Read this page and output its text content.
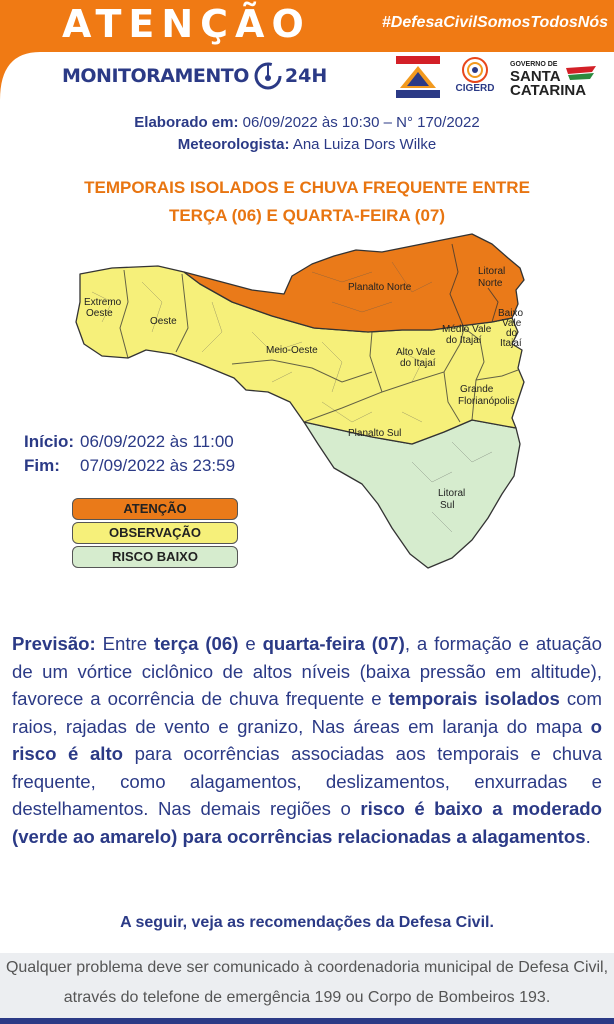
ATENÇÃO	#DefesaCivilSomosTodosNós
MONITORAMENTO 24H
CIGERD
GOVERNO DE
SANTA
CATARINA
Elaborado em: 06/09/2022 às 10:30 – N° 170/2022
Meteorologista: Ana Luiza Dors Wilke
TEMPORAIS ISOLADOS E CHUVA FREQUENTE ENTRE
TERÇA (06) E QUARTA-FEIRA (07)
Extremo
Oeste
Oeste
Meio-Oeste
Planalto Norte
Litoral
Norte
Médio Vale
do Itajaí
Baixo
Vale
do
Itajaí
Alto Vale
do Itajaí
Grande
Florianópolis
Planalto Sul
Litoral
Sul
Início: 06/09/2022 às 11:00
Fim: 07/09/2022 às 23:59
ATENÇÃO
OBSERVAÇÃO
RISCO BAIXO
Previsão: Entre terça (06) e quarta-feira (07), a formação e atuação de um vórtice ciclônico de altos níveis (baixa pressão em altitude), favorece a ocorrência de chuva frequente e temporais isolados com raios, rajadas de vento e granizo, Nas áreas em laranja do mapa o risco é alto para ocorrências associadas aos temporais e chuva frequente, como alagamentos, deslizamentos, enxurradas e destelhamentos. Nas demais regiões o risco é baixo a moderado (verde ao amarelo) para ocorrências relacionadas a alagamentos.
A seguir, veja as recomendações da Defesa Civil.
Qualquer problema deve ser comunicado à coordenadoria municipal de Defesa Civil,
através do telefone de emergência 199 ou Corpo de Bombeiros 193.
